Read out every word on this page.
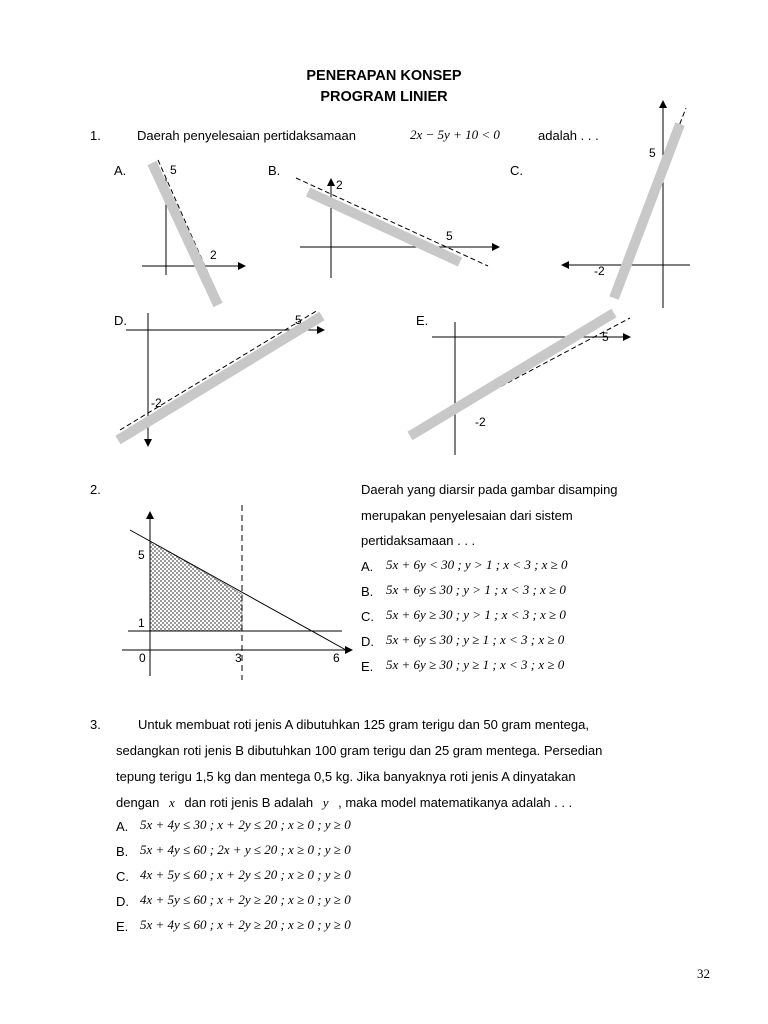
PENERAPAN KONSEP
PROGRAM LINIER
1.	Daerah penyelesaian pertidaksamaan	2x − 5y + 10 < 0	adalah . . .
A.	5
2
B.
2
5
C.
5
-2
D.	5
-2
E.
5
-2
2.	Daerah yang diarsir pada gambar disamping
merupakan penyelesaian dari sistem
pertidaksamaan . . .
5
1
0	3	6
A. 5x + 6y < 30 ; y > 1 ; x < 3 ; x ≥ 0
B. 5x + 6y ≤ 30 ; y > 1 ; x < 3 ; x ≥ 0
C. 5x + 6y ≥ 30 ; y > 1 ; x < 3 ; x ≥ 0
D. 5x + 6y ≤ 30 ; y ≥ 1 ; x < 3 ; x ≥ 0
E. 5x + 6y ≥ 30 ; y ≥ 1 ; x < 3 ; x ≥ 0
3.	Untuk membuat roti jenis A dibutuhkan 125 gram terigu dan 50 gram mentega,
sedangkan roti jenis B dibutuhkan 100 gram terigu dan 25 gram mentega. Persedian
tepung terigu 1,5 kg dan mentega 0,5 kg. Jika banyaknya roti jenis A dinyatakan
dengan x dan roti jenis B adalah y , maka model matematikanya adalah . . .
A. 5x + 4y ≤ 30 ; x + 2y ≤ 20 ; x ≥ 0 ; y ≥ 0
B. 5x + 4y ≤ 60 ; 2x + y ≤ 20 ; x ≥ 0 ; y ≥ 0
C. 4x + 5y ≤ 60 ; x + 2y ≤ 20 ; x ≥ 0 ; y ≥ 0
D. 4x + 5y ≤ 60 ; x + 2y ≥ 20 ; x ≥ 0 ; y ≥ 0
E. 5x + 4y ≤ 60 ; x + 2y ≥ 20 ; x ≥ 0 ; y ≥ 0
32
